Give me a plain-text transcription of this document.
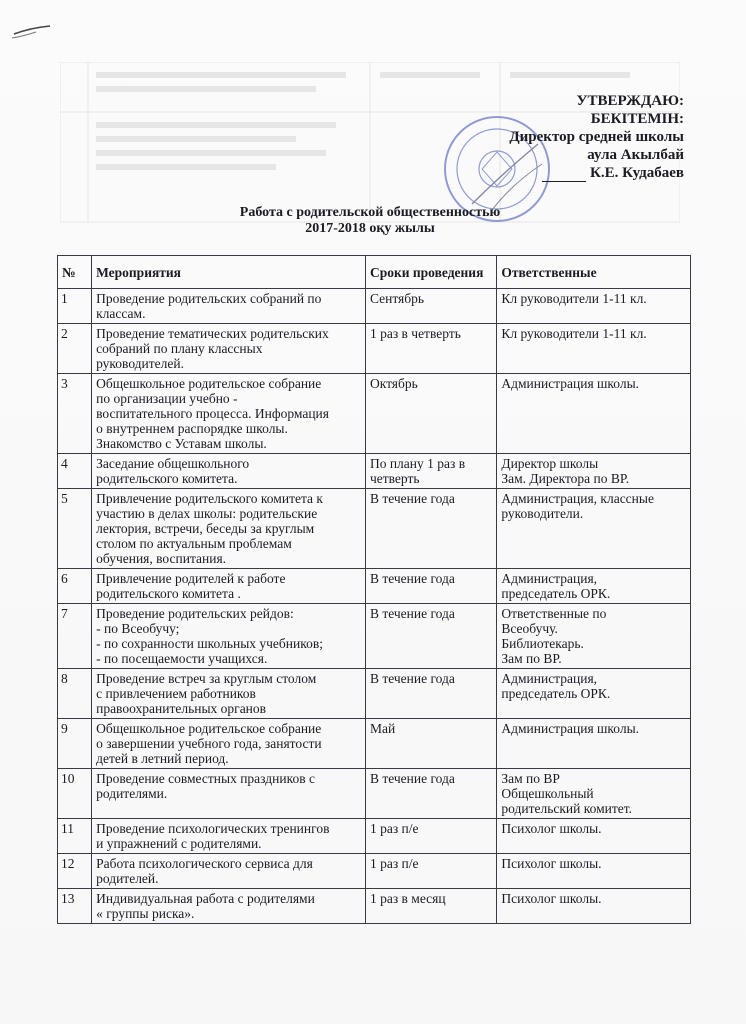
УТВЕРЖДАЮ:
БЕКІТЕМІН:
Директор средней школы
аула Акылбай
К.Е. Кудабаев
Работа с родительской общественностью
2017-2018 оқу жылы
№	Мероприятия	Сроки проведения	Ответственные
1	Проведение родительских собраний по
классам.	Сентябрь	Кл руководители 1-11 кл.

2	Проведение тематических родительских
собраний по плану классных
руководителей.	1 раз в четверть	Кл руководители 1-11 кл.

3	Общешкольное родительское собрание
по организации учебно -
воспитательного процесса. Информация
о внутреннем распорядке школы.
Знакомство с Уставам школы.	Октябрь	Администрация школы.

4	Заседание общешкольного
родительского комитета.	По плану 1 раз в
четверть	Директор школы
Зам. Директора по ВР.

5	Привлечение родительского комитета к
участию в делах школы: родительские
лектория, встречи, беседы за круглым
столом по актуальным проблемам
обучения, воспитания.	В течение года	Администрация, классные
руководители.

6	Привлечение родителей к работе
родительского комитета .	В течение года	Администрация,
председатель ОРК.

7	Проведение родительских рейдов:
- по Всеобучу;
- по сохранности школьных учебников;
- по посещаемости учащихся.	В течение года	Ответственные по
Всеобучу.
Библиотекарь.
Зам по ВР.

8	Проведение встреч за круглым столом
с привлечением работников
правоохранительных органов	В течение года	Администрация,
председатель ОРК.

9	Общешкольное родительское собрание
о завершении учебного года, занятости
детей в летний период.	Май	Администрация школы.

10	Проведение совместных праздников с
родителями.	В течение года	Зам по ВР
Общешкольный
родительский комитет.

11	Проведение психологических тренингов
и упражнений с родителями.	1 раз п/е	Психолог школы.

12	Работа психологического сервиса для
родителей.	1 раз п/е	Психолог школы.

13	Индивидуальная работа с родителями
« группы риска».	1 раз в месяц	Психолог школы.
